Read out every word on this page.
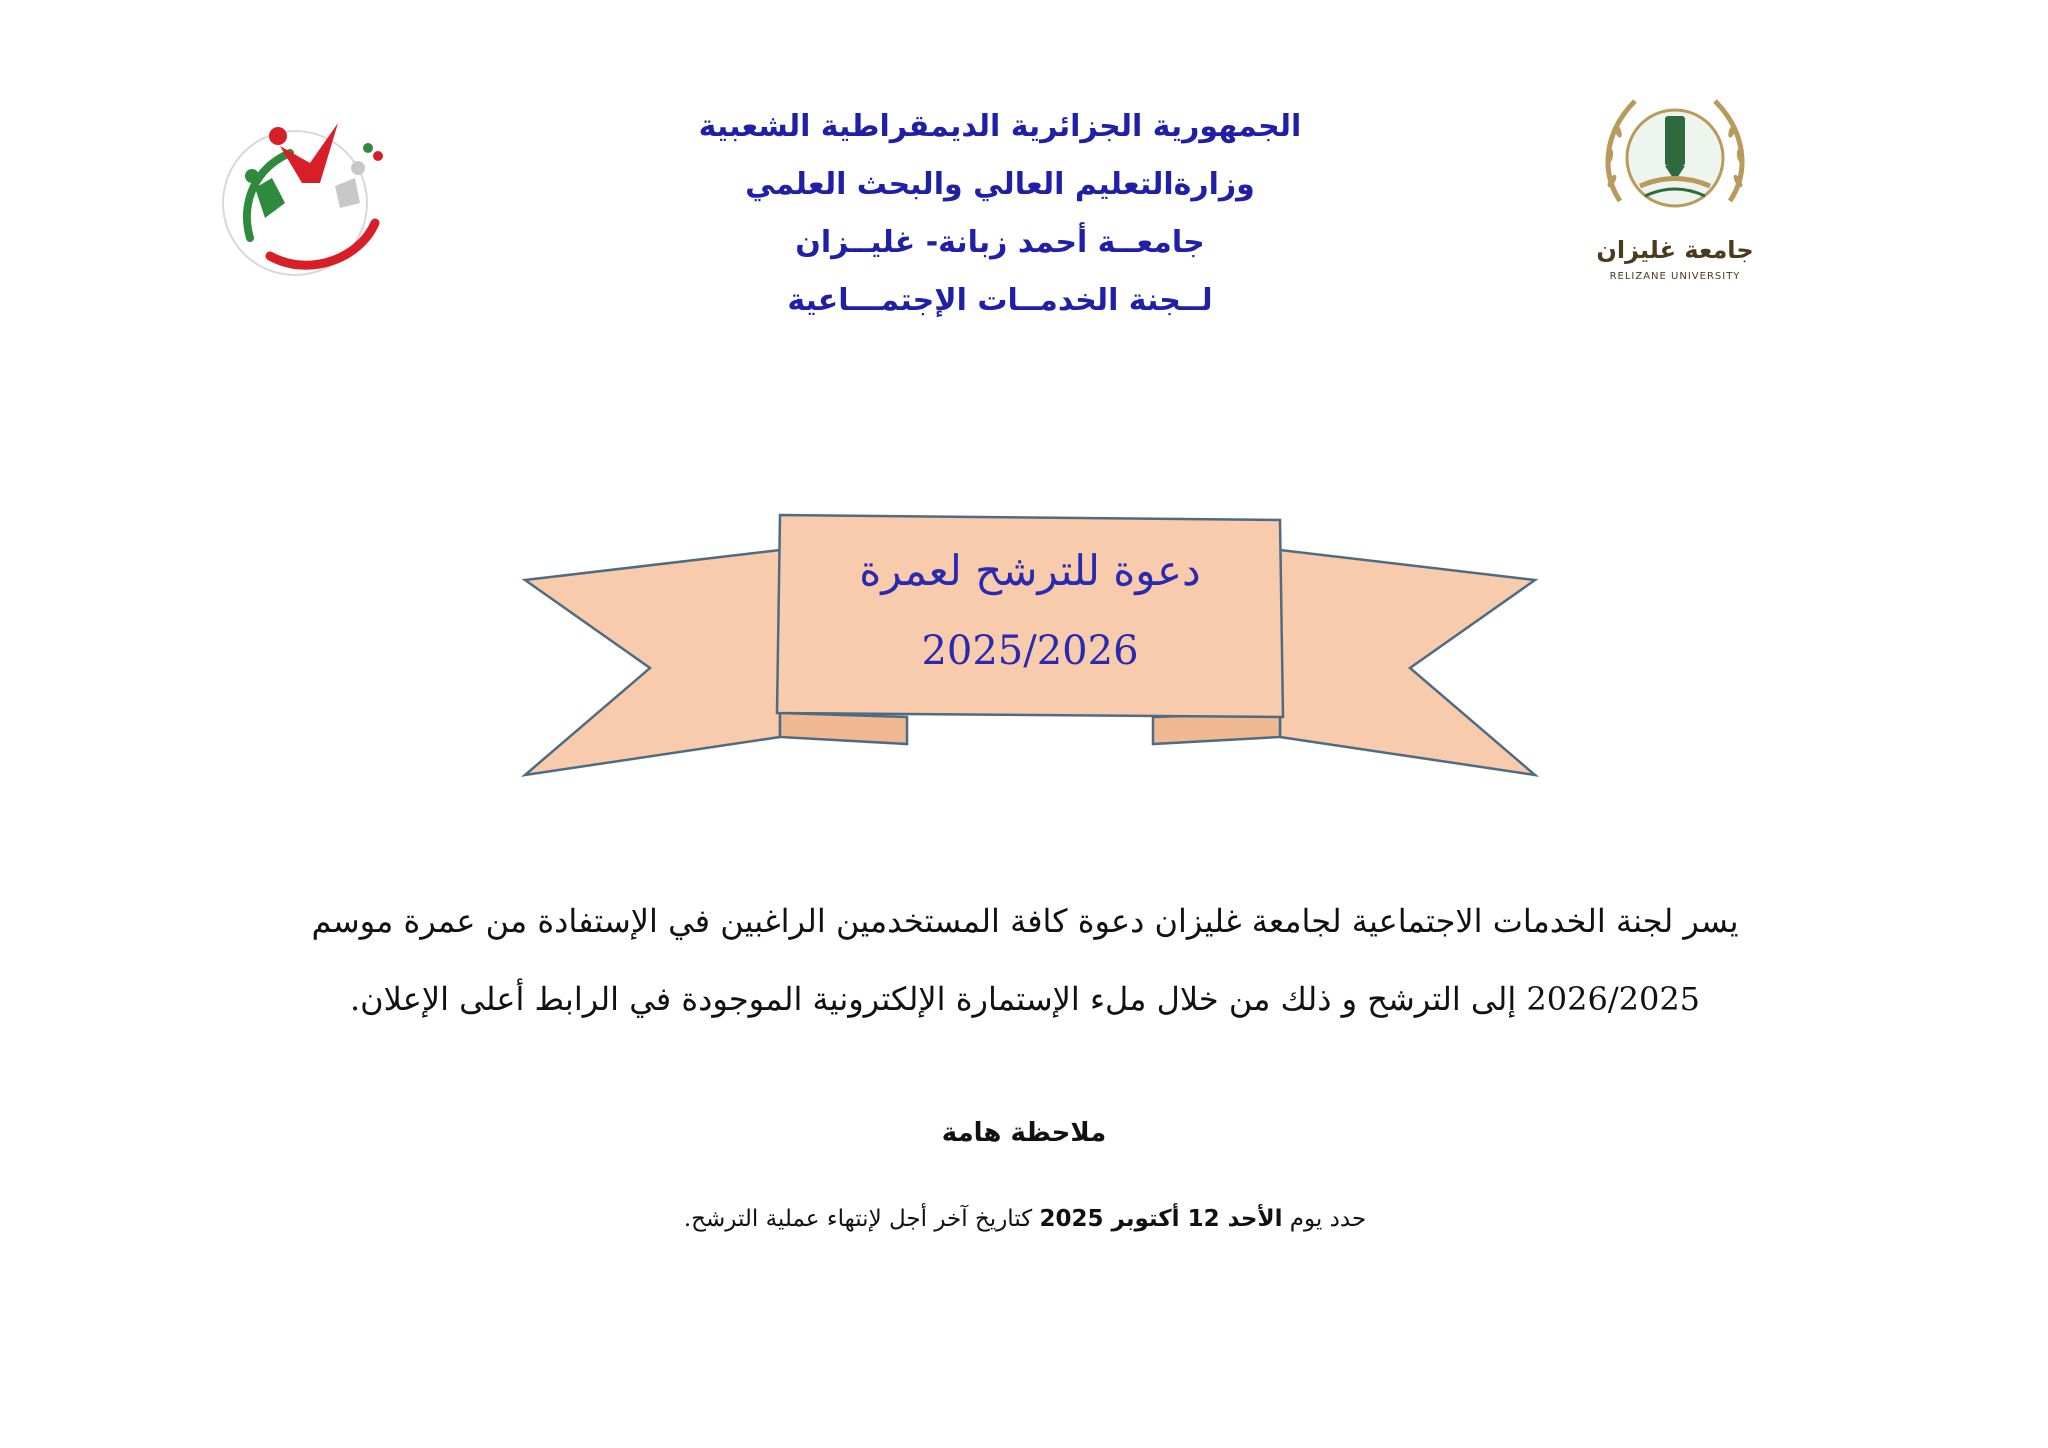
الجمهورية الجزائرية الديمقراطية الشعبية
وزارةالتعليم العالي والبحث العلمي
جامعــة أحمد زبانة- غليــزان
لــجنة الخدمــات الإجتمـــاعية
جامعة غليزان
RELIZANE UNIVERSITY
دعوة للترشح لعمرة
2025/2026
يسر لجنة الخدمات الاجتماعية لجامعة غليزان دعوة كافة المستخدمين الراغبين في الإستفادة من عمرة موسم
2026/2025 إلى الترشح و ذلك من خلال ملء الإستمارة الإلكترونية الموجودة في الرابط أعلى الإعلان.
ملاحظة هامة
حدد يوم الأحد 12 أكتوبر 2025 كتاريخ آخر أجل لإنتهاء عملية الترشح.
